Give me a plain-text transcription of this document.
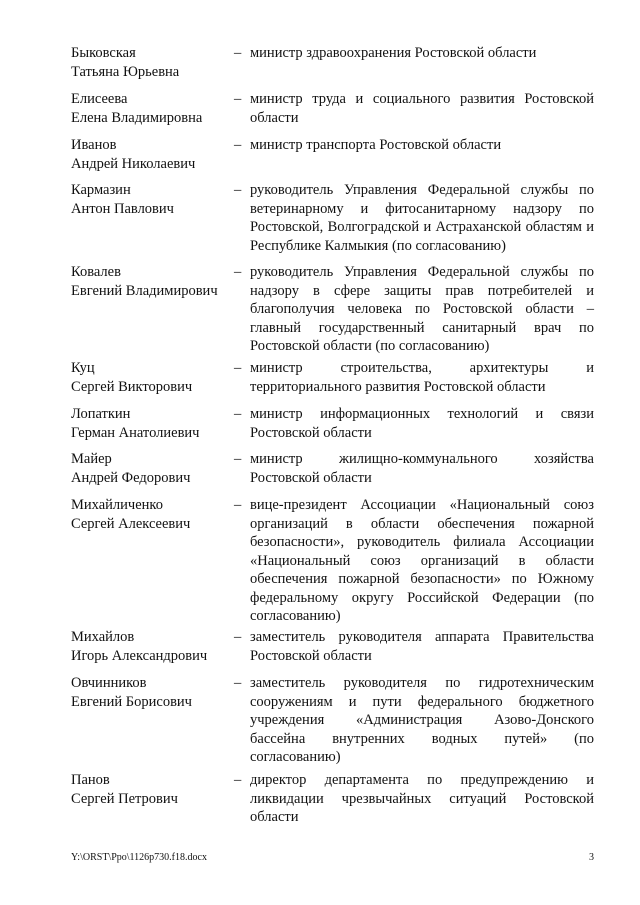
Быковская
Татьяна Юрьевна
– министр здравоохранения Ростовской области
Елисеева
Елена Владимировна
– министр труда и социального развития Ростовской области
Иванов
Андрей Николаевич
– министр транспорта Ростовской области
Кармазин
Антон Павлович
– руководитель Управления Федеральной службы по ветеринарному и фитосанитарному надзору по Ростовской, Волгоградской и Астраханской областям и Республике Калмыкия (по согласованию)
Ковалев
Евгений Владимирович
– руководитель Управления Федеральной службы по надзору в сфере защиты прав потребителей и благополучия человека по Ростовской области – главный государственный санитарный врач по Ростовской области (по согласованию)
Куц
Сергей Викторович
– министр строительства, архитектуры и территориального развития Ростовской области
Лопаткин
Герман Анатолиевич
– министр информационных технологий и связи Ростовской области
Майер
Андрей Федорович
– министр жилищно-коммунального хозяйства Ростовской области
Михайличенко
Сергей Алексеевич
– вице-президент Ассоциации «Национальный союз организаций в области обеспечения пожарной безопасности», руководитель филиала Ассоциации «Национальный союз организаций в области обеспечения пожарной безопасности» по Южному федеральному округу Российской Федерации (по согласованию)
Михайлов
Игорь Александрович
– заместитель руководителя аппарата Правительства Ростовской области
Овчинников
Евгений Борисович
– заместитель руководителя по гидротехническим сооружениям и пути федерального бюджетного учреждения «Администрация Азово-Донского бассейна внутренних водных путей» (по согласованию)
Панов
Сергей Петрович
– директор департамента по предупреждению и ликвидации чрезвычайных ситуаций Ростовской области
Y:\ORST\Ppo\1126p730.f18.docx	3
